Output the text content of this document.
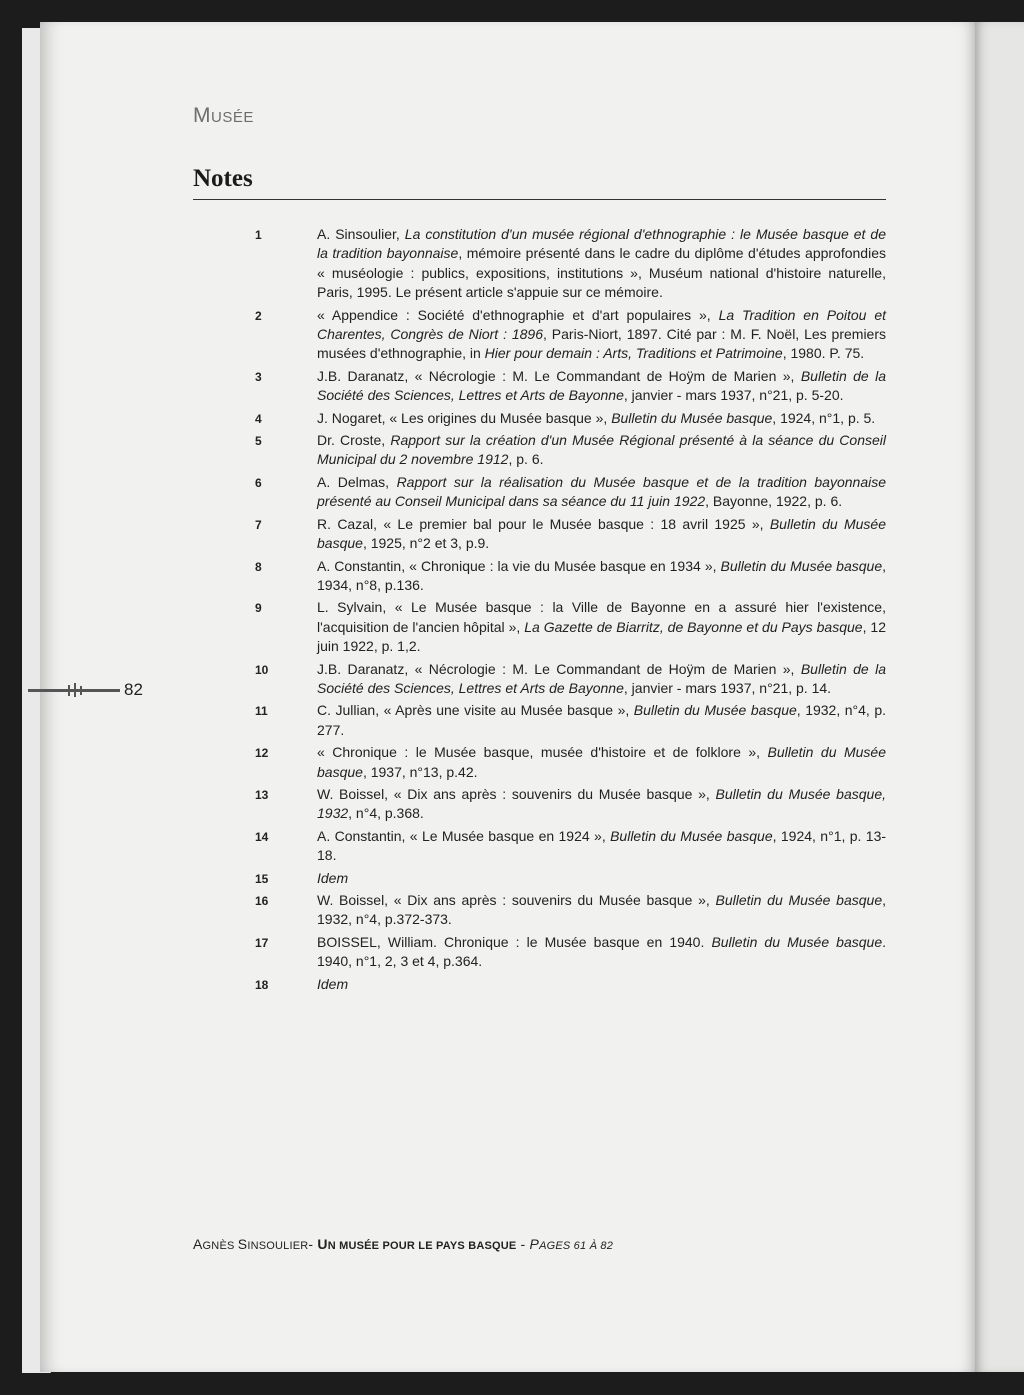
MUSÉE
Notes
1	A. Sinsoulier, La constitution d'un musée régional d'ethnographie : le Musée basque et de la tradition bayonnaise, mémoire présenté dans le cadre du diplôme d'études approfondies « muséologie : publics, expositions, institutions », Muséum national d'histoire naturelle, Paris, 1995. Le présent article s'appuie sur ce mémoire.
2	« Appendice : Société d'ethnographie et d'art populaires », La Tradition en Poitou et Charentes, Congrès de Niort : 1896, Paris-Niort, 1897. Cité par : M. F. Noël, Les premiers musées d'ethnographie, in Hier pour demain : Arts, Traditions et Patrimoine, 1980. P. 75.
3	J.B. Daranatz, « Nécrologie : M. Le Commandant de Hoÿm de Marien », Bulletin de la Société des Sciences, Lettres et Arts de Bayonne, janvier - mars 1937, n°21, p. 5-20.
4	J. Nogaret, « Les origines du Musée basque », Bulletin du Musée basque, 1924, n°1, p. 5.
5	Dr. Croste, Rapport sur la création d'un Musée Régional présenté à la séance du Conseil Municipal du 2 novembre 1912, p. 6.
6	A. Delmas, Rapport sur la réalisation du Musée basque et de la tradition bayonnaise présenté au Conseil Municipal dans sa séance du 11 juin 1922, Bayonne, 1922, p. 6.
7	R. Cazal, « Le premier bal pour le Musée basque : 18 avril 1925 », Bulletin du Musée basque, 1925, n°2 et 3, p.9.
8	A. Constantin, « Chronique : la vie du Musée basque en 1934 », Bulletin du Musée basque, 1934, n°8, p.136.
9	L. Sylvain, « Le Musée basque : la Ville de Bayonne en a assuré hier l'existence, l'acquisition de l'ancien hôpital », La Gazette de Biarritz, de Bayonne et du Pays basque, 12 juin 1922, p. 1,2.
10	J.B. Daranatz, « Nécrologie : M. Le Commandant de Hoÿm de Marien », Bulletin de la Société des Sciences, Lettres et Arts de Bayonne, janvier - mars 1937, n°21, p. 14.
11	C. Jullian, « Après une visite au Musée basque », Bulletin du Musée basque, 1932, n°4, p. 277.
12	« Chronique : le Musée basque, musée d'histoire et de folklore », Bulletin du Musée basque, 1937, n°13, p.42.
13	W. Boissel, « Dix ans après : souvenirs du Musée basque », Bulletin du Musée basque, 1932, n°4, p.368.
14	A. Constantin, « Le Musée basque en 1924 », Bulletin du Musée basque, 1924, n°1, p. 13-18.
15	Idem
16	W. Boissel, « Dix ans après : souvenirs du Musée basque », Bulletin du Musée basque, 1932, n°4, p.372-373.
17	BOISSEL, William. Chronique : le Musée basque en 1940. Bulletin du Musée basque. 1940, n°1, 2, 3 et 4, p.364.
18	Idem
82
AGNÈS SINSOULIER- UN MUSÉE POUR LE PAYS BASQUE - PAGES 61 À 82
